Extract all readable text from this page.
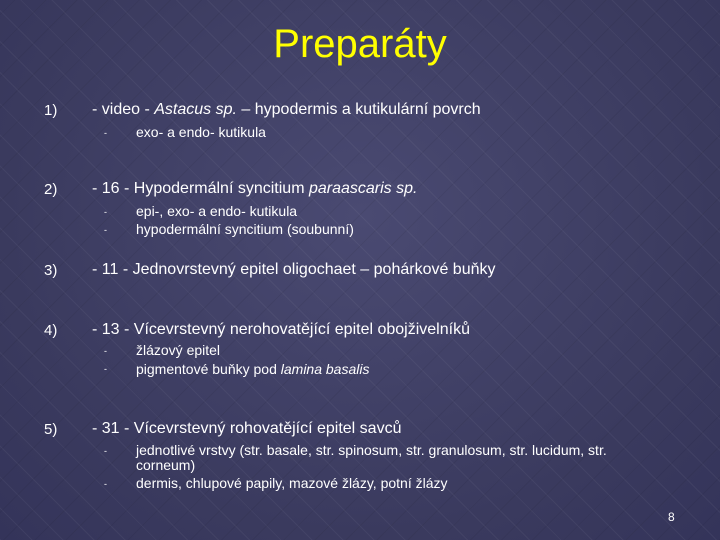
Preparáty
1) - video - Astacus sp. – hypodermis a kutikulární povrch
- exo- a endo- kutikula
2) - 16 - Hypodermální syncitium paraascaris sp.
- epi-, exo- a endo- kutikula
- hypodermální syncitium (soubunní)
3) - 11 - Jednovrstevný epitel oligochaet – pohárkové buňky
4) - 13 - Vícevrstevný nerohovatějící epitel obojživelníků
- žlázový epitel
- pigmentové buňky pod lamina basalis
5) - 31 - Vícevrstevný rohovatějící epitel savců
- jednotlivé vrstvy (str. basale, str. spinosum, str. granulosum, str. lucidum, str.
corneum)
- dermis, chlupové papily, mazové žlázy, potní žlázy
8
